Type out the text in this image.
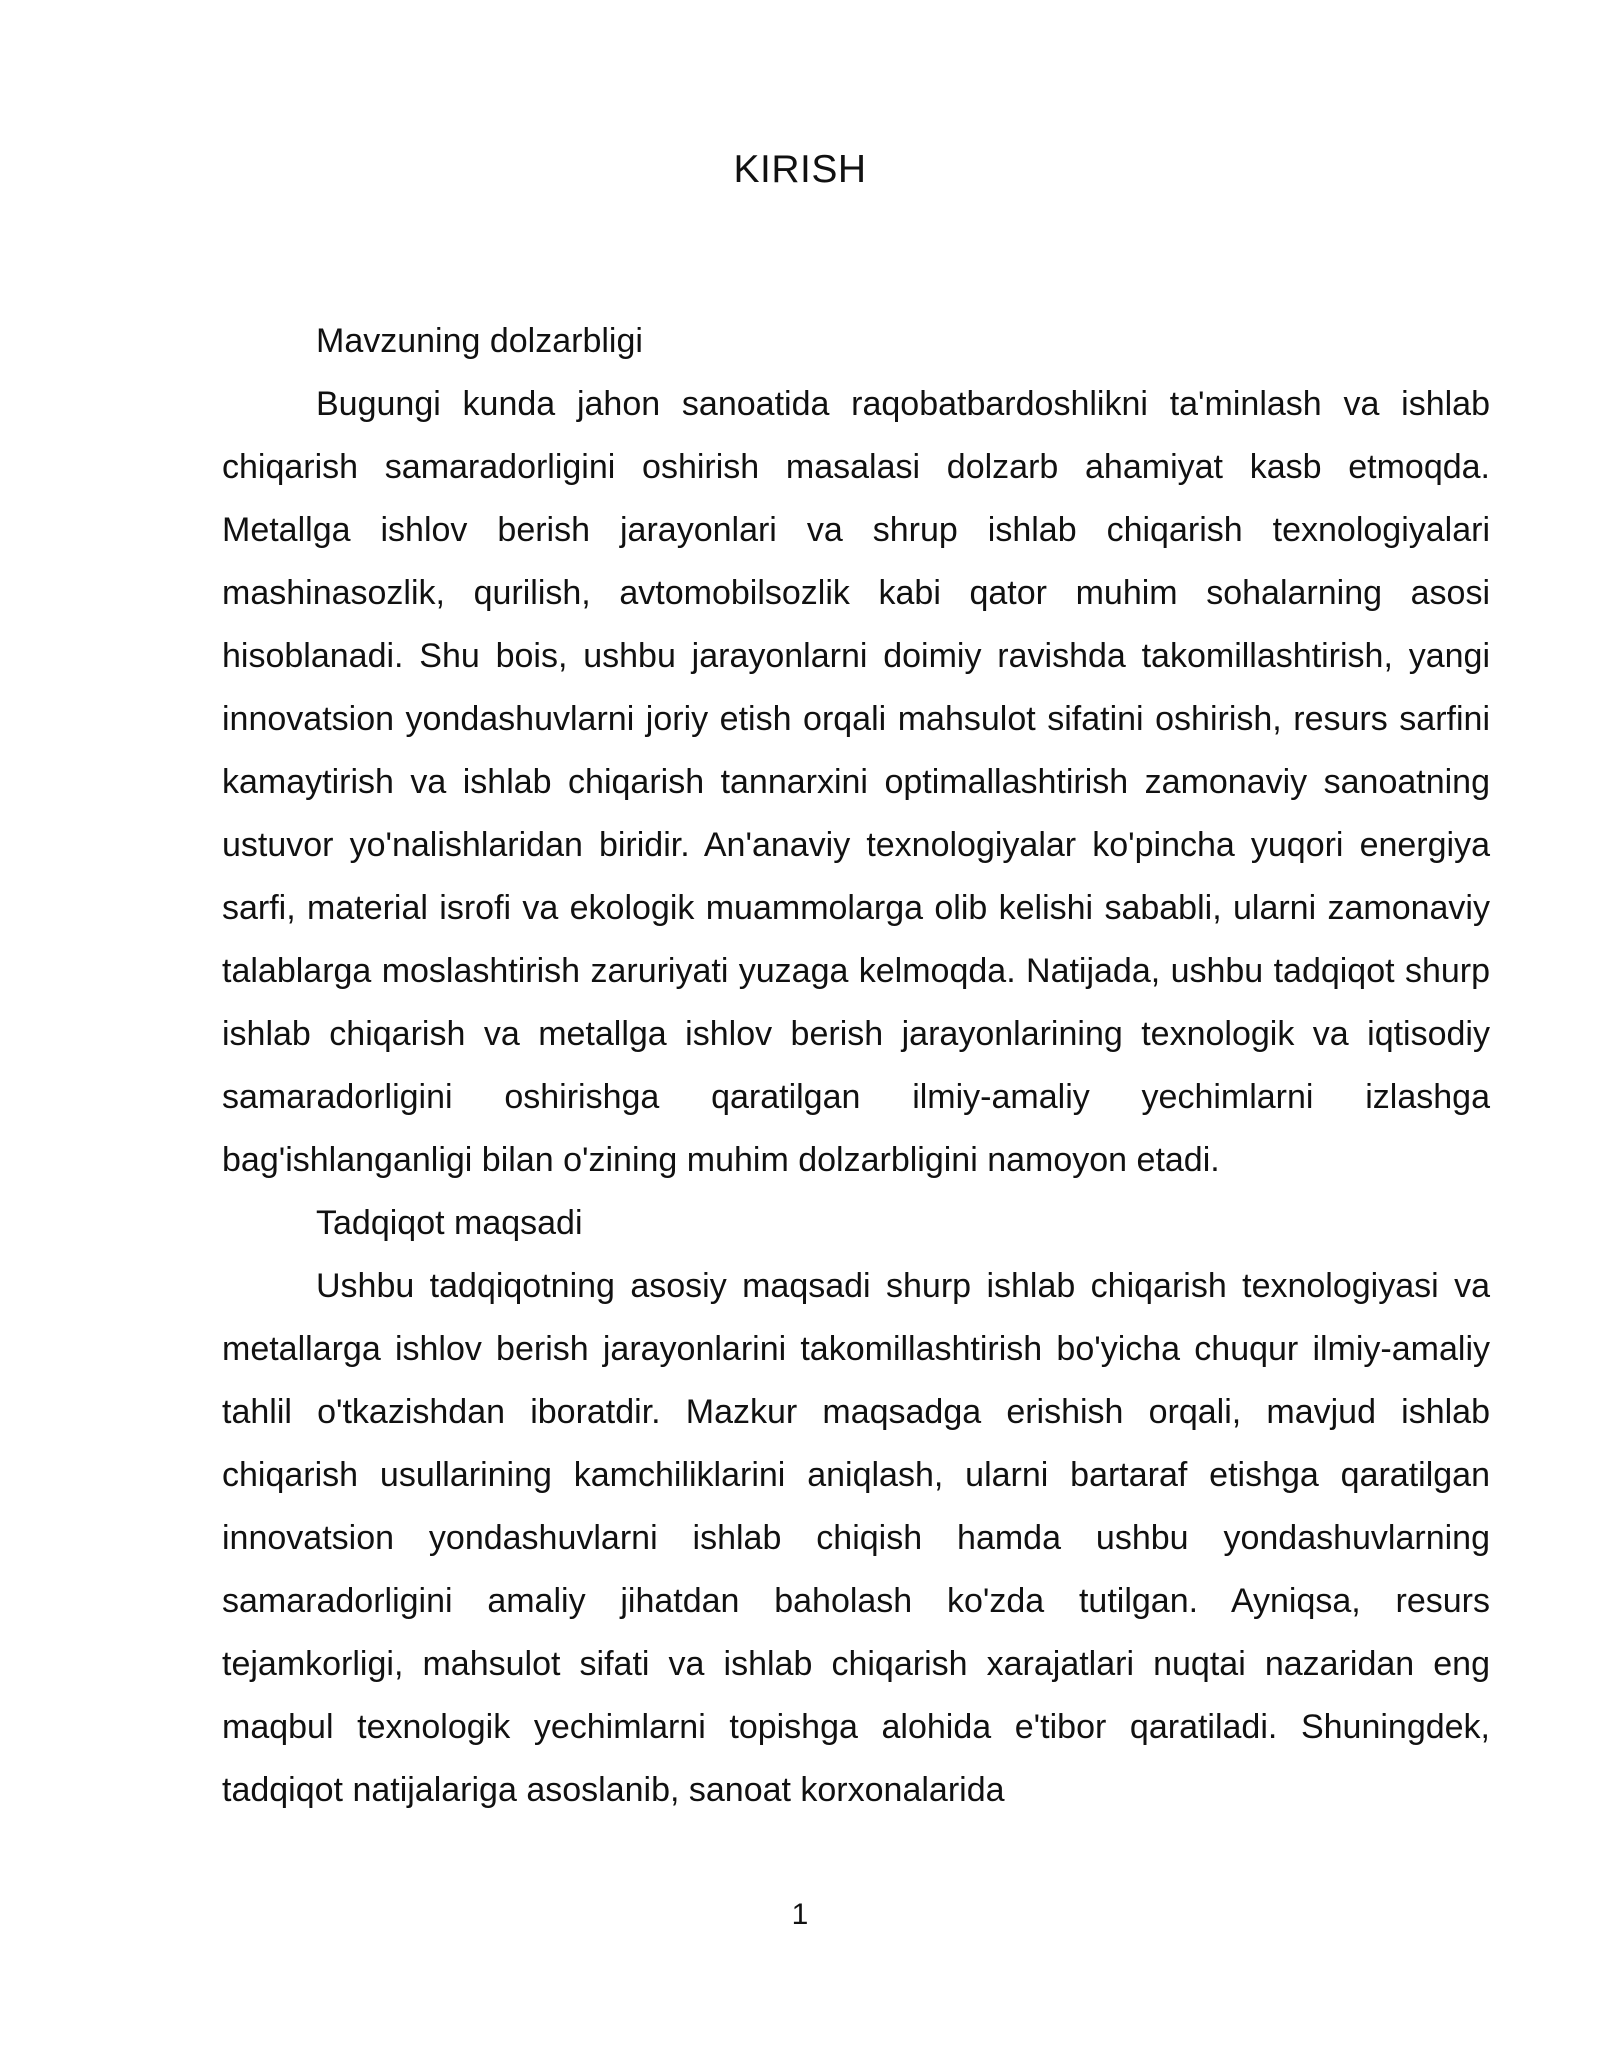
KIRISH

Mavzuning dolzarbligi

Bugungi kunda jahon sanoatida raqobatbardoshlikni ta'minlash va ishlab chiqarish samaradorligini oshirish masalasi dolzarb ahamiyat kasb etmoqda. Metallga ishlov berish jarayonlari va shrup ishlab chiqarish texnologiyalari mashinasozlik, qurilish, avtomobilsozlik kabi qator muhim sohalarning asosi hisoblanadi. Shu bois, ushbu jarayonlarni doimiy ravishda takomillashtirish, yangi innovatsion yondashuvlarni joriy etish orqali mahsulot sifatini oshirish, resurs sarfini kamaytirish va ishlab chiqarish tannarxini optimallashtirish zamonaviy sanoatning ustuvor yo'nalishlaridan biridir. An'anaviy texnologiyalar ko'pincha yuqori energiya sarfi, material isrofi va ekologik muammolarga olib kelishi sababli, ularni zamonaviy talablarga moslashtirish zaruriyati yuzaga kelmoqda. Natijada, ushbu tadqiqot shurp ishlab chiqarish va metallga ishlov berish jarayonlarining texnologik va iqtisodiy samaradorligini oshirishga qaratilgan ilmiy-amaliy yechimlarni izlashga bag'ishlanganligi bilan o'zining muhim dolzarbligini namoyon etadi.

Tadqiqot maqsadi

Ushbu tadqiqotning asosiy maqsadi shurp ishlab chiqarish texnologiyasi va metallarga ishlov berish jarayonlarini takomillashtirish bo'yicha chuqur ilmiy-amaliy tahlil o'tkazishdan iboratdir. Mazkur maqsadga erishish orqali, mavjud ishlab chiqarish usullarining kamchiliklarini aniqlash, ularni bartaraf etishga qaratilgan innovatsion yondashuvlarni ishlab chiqish hamda ushbu yondashuvlarning samaradorligini amaliy jihatdan baholash ko'zda tutilgan. Ayniqsa, resurs tejamkorligi, mahsulot sifati va ishlab chiqarish xarajatlari nuqtai nazaridan eng maqbul texnologik yechimlarni topishga alohida e'tibor qaratiladi. Shuningdek, tadqiqot natijalariga asoslanib, sanoat korxonalarida

1
